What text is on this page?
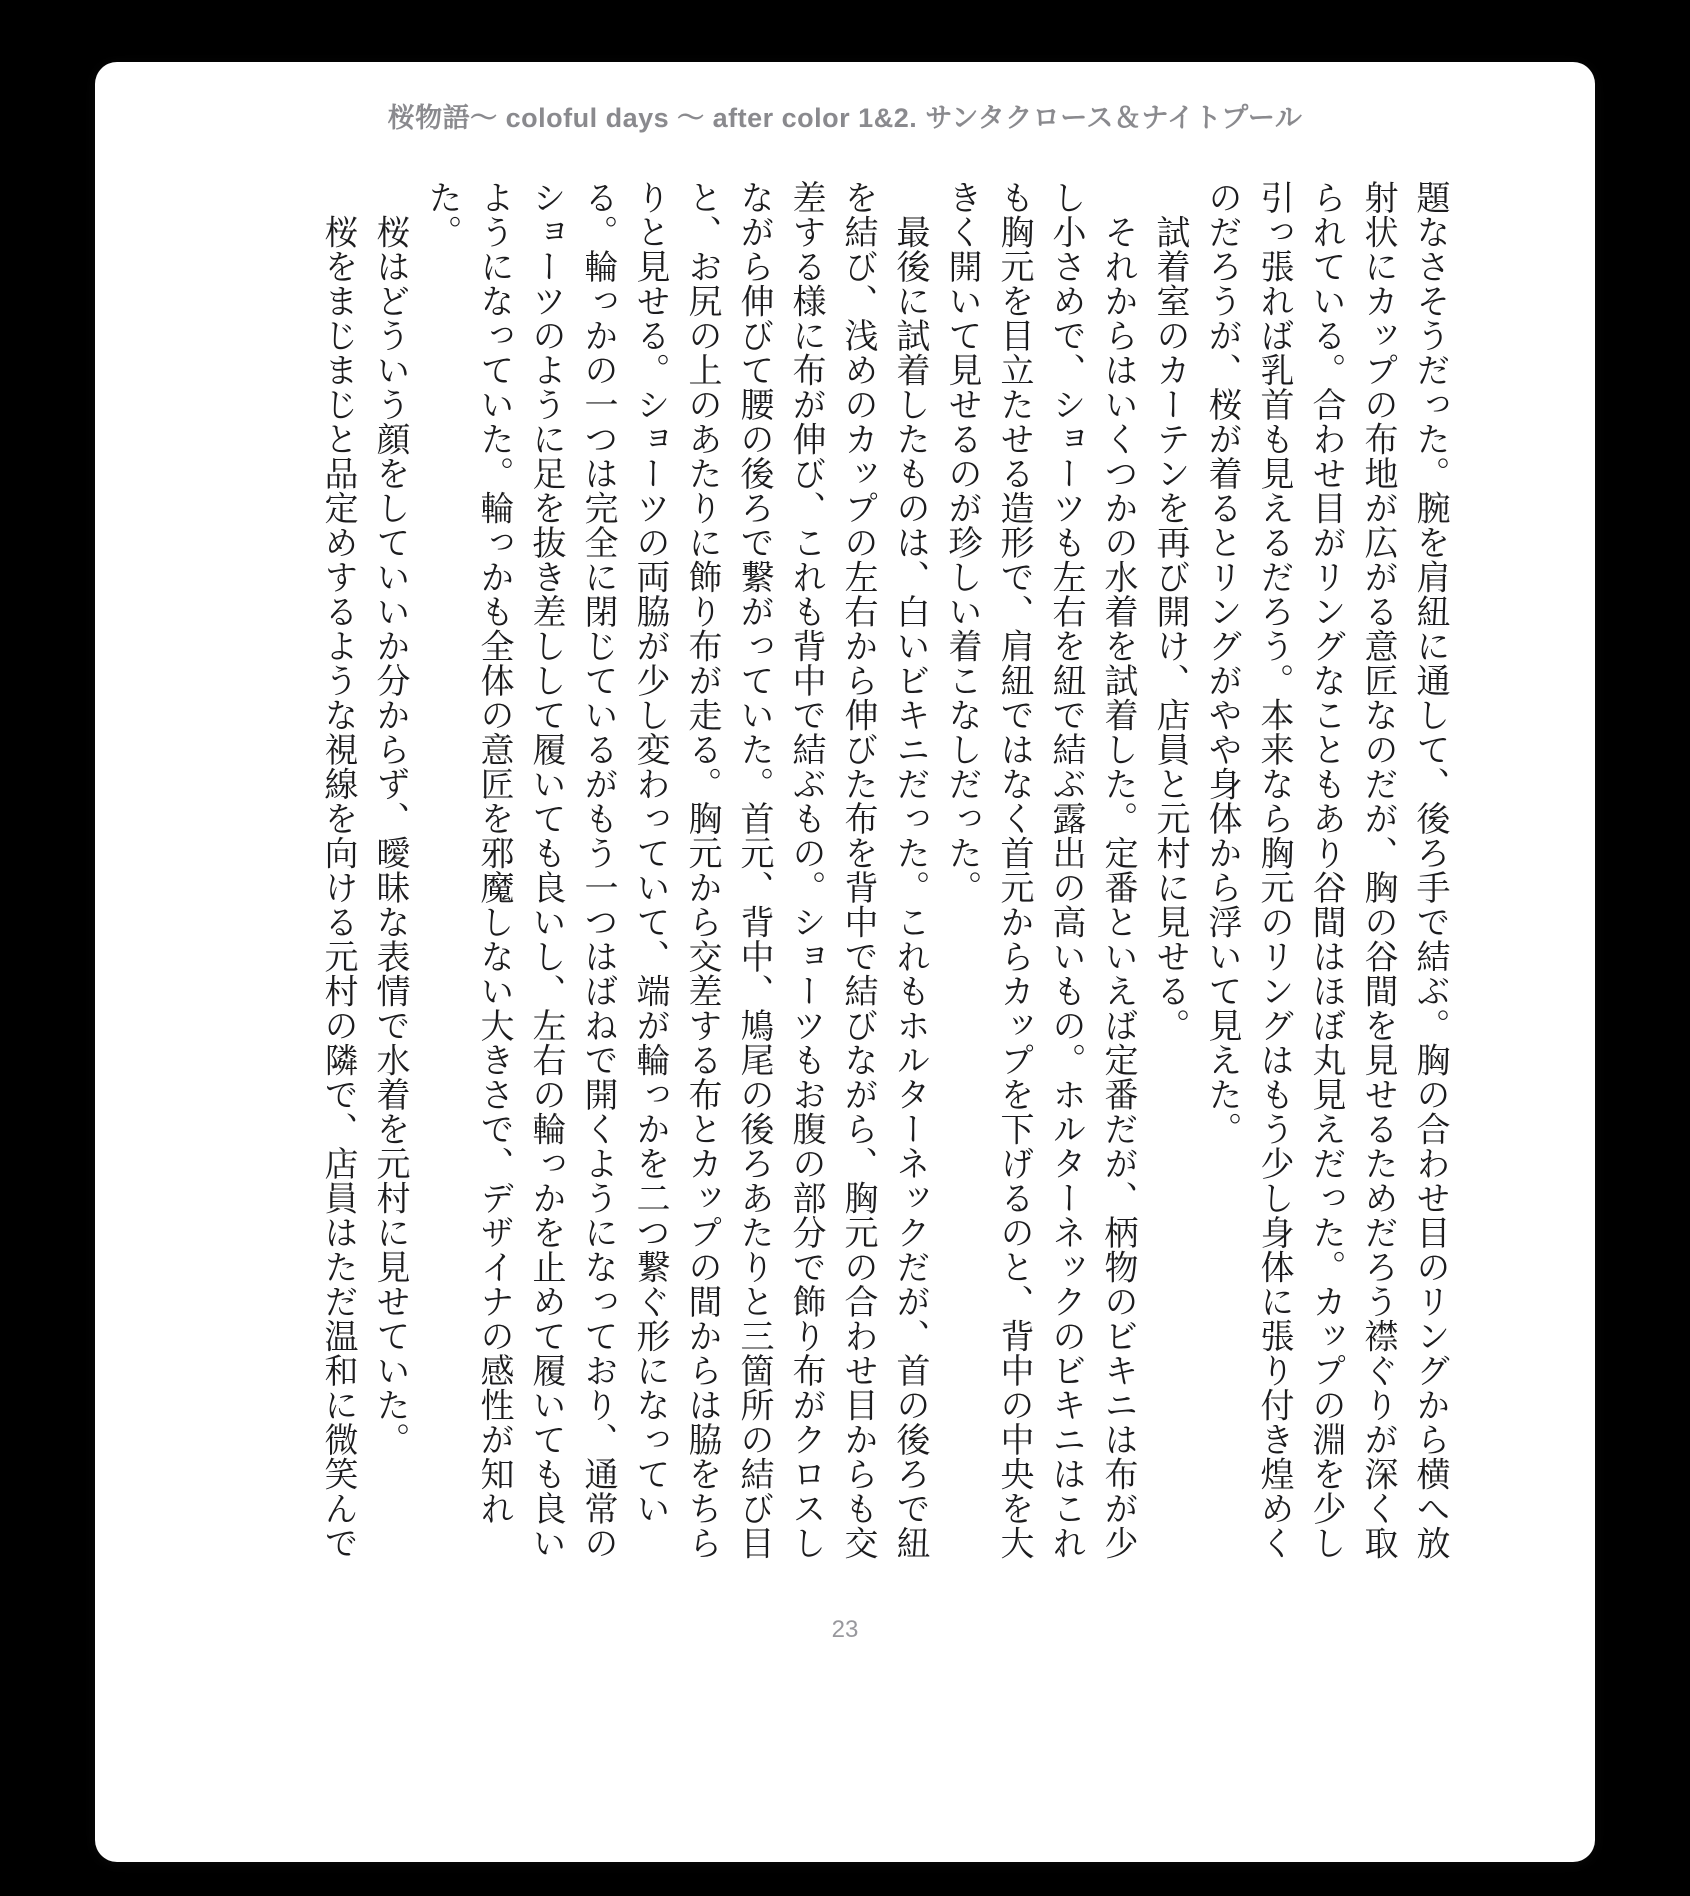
桜物語〜 coloful days 〜 after color 1&2. サンタクロース＆ナイトプール

題なさそうだった。腕を肩紐に通して、後ろ手で結ぶ。胸の合わせ目のリングから横へ放射状にカップの布地が広がる意匠なのだが、胸の谷間を見せるためだろう襟ぐりが深く取られている。合わせ目がリングなこともあり谷間はほぼ丸見えだった。カップの淵を少し引っ張れば乳首も見えるだろう。本来なら胸元のリングはもう少し身体に張り付き煌めくのだろうが、桜が着るとリングがやや身体から浮いて見えた。

　試着室のカーテンを再び開け、店員と元村に見せる。

　それからはいくつかの水着を試着した。定番といえば定番だが、柄物のビキニは布が少し小さめで、ショーツも左右を紐で結ぶ露出の高いもの。ホルターネックのビキニはこれも胸元を目立たせる造形で、肩紐ではなく首元からカップを下げるのと、背中の中央を大きく開いて見せるのが珍しい着こなしだった。

　最後に試着したものは、白いビキニだった。これもホルターネックだが、首の後ろで紐を結び、浅めのカップの左右から伸びた布を背中で結びながら、胸元の合わせ目からも交差する様に布が伸び、これも背中で結ぶもの。ショーツもお腹の部分で飾り布がクロスしながら伸びて腰の後ろで繋がっていた。首元、背中、鳩尾の後ろあたりと三箇所の結び目と、お尻の上のあたりに飾り布が走る。胸元から交差する布とカップの間からは脇をちらりと見せる。ショーツの両脇が少し変わっていて、端が輪っかを二つ繋ぐ形になっている。輪っかの一つは完全に閉じているがもう一つはばねで開くようになっており、通常のショーツのように足を抜き差しして履いても良いし、左右の輪っかを止めて履いても良いようになっていた。輪っかも全体の意匠を邪魔しない大きさで、デザイナの感性が知れた。

　桜はどういう顔をしていいか分からず、曖昧な表情で水着を元村に見せていた。

　桜をまじまじと品定めするような視線を向ける元村の隣で、店員はただ温和に微笑んで

23
